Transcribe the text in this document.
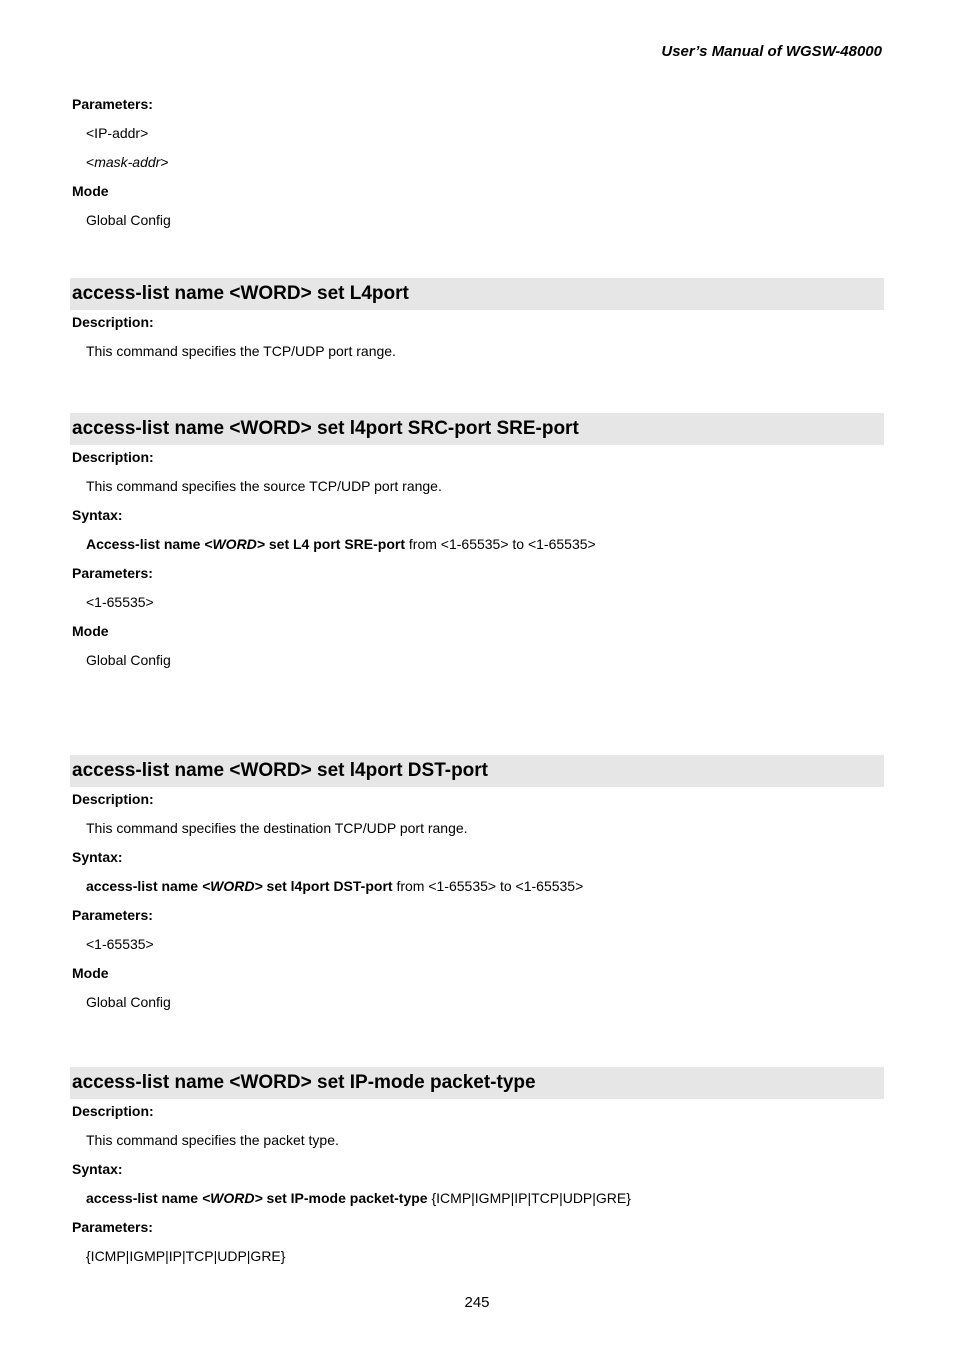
User’s Manual of WGSW-48000
Parameters:
<IP-addr>
<mask-addr>
Mode
Global Config
access-list name <WORD> set L4port
Description:
This command specifies the TCP/UDP port range.
access-list name <WORD> set l4port SRC-port SRE-port
Description:
This command specifies the source TCP/UDP port range.
Syntax:
Access-list name <WORD> set L4 port SRE-port from <1-65535> to <1-65535>
Parameters:
<1-65535>
Mode
Global Config
access-list name <WORD> set l4port DST-port
Description:
This command specifies the destination TCP/UDP port range.
Syntax:
access-list name <WORD> set l4port DST-port from <1-65535> to <1-65535>
Parameters:
<1-65535>
Mode
Global Config
access-list name <WORD> set IP-mode packet-type
Description:
This command specifies the packet type.
Syntax:
access-list name <WORD> set IP-mode packet-type {ICMP|IGMP|IP|TCP|UDP|GRE}
Parameters:
{ICMP|IGMP|IP|TCP|UDP|GRE}
245
